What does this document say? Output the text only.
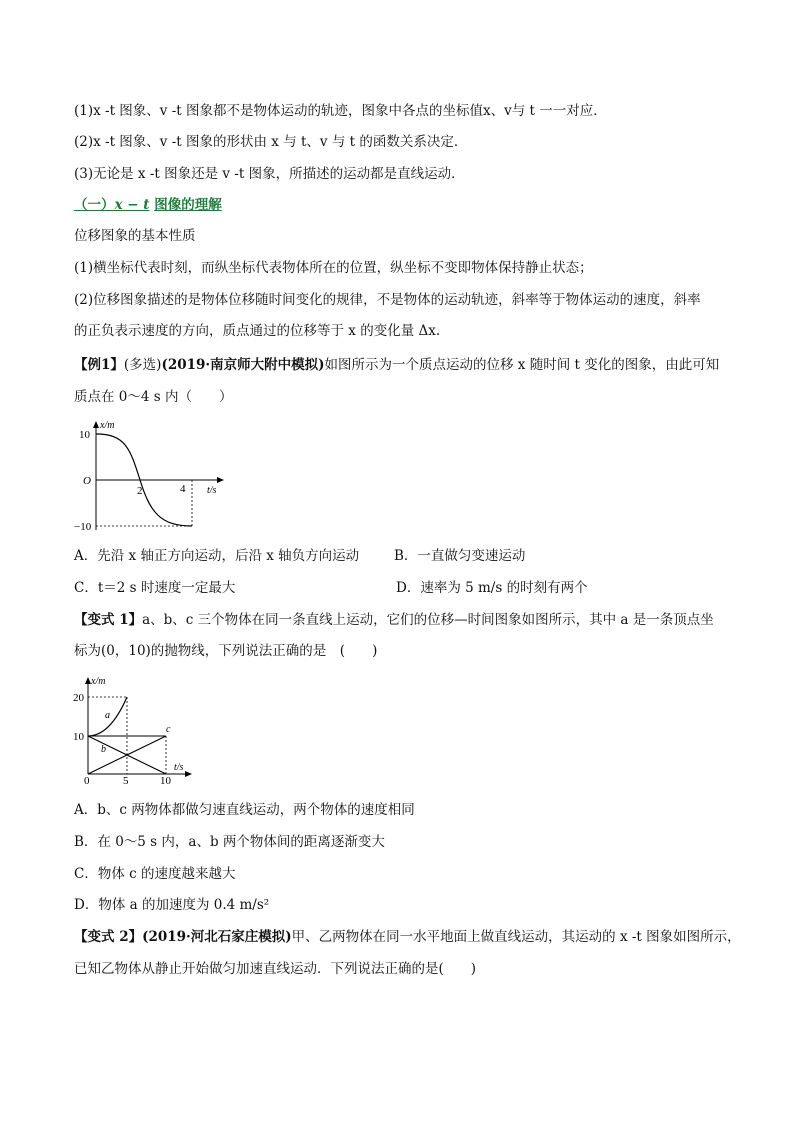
(1)x -t 图象、v -t 图象都不是物体运动的轨迹，图象中各点的坐标值x、v与 t 一一对应．
(2)x -t 图象、v -t 图象的形状由 x 与 t、v 与 t 的函数关系决定．
(3)无论是 x -t 图象还是 v -t 图象，所描述的运动都是直线运动．
（一）x − t 图像的理解
位移图象的基本性质
(1)横坐标代表时刻，而纵坐标代表物体所在的位置，纵坐标不变即物体保持静止状态；
(2)位移图象描述的是物体位移随时间变化的规律，不是物体的运动轨迹，斜率等于物体运动的速度，斜率
的正负表示速度的方向，质点通过的位移等于 x 的变化量 Δx.
【例1】(多选)(2019·南京师大附中模拟)如图所示为一个质点运动的位移 x 随时间 t 变化的图象，由此可知
质点在 0～4 s 内（　　）
x/m
10
O
−10
2	4 t/s
A．先沿 x 轴正方向运动，后沿 x 轴负方向运动	B．一直做匀变速运动
C．t＝2 s 时速度一定最大	D．速率为 5 m/s 的时刻有两个
【变式 1】a、b、c 三个物体在同一条直线上运动，它们的位移—时间图象如图所示，其中 a 是一条顶点坐
标为(0，10)的抛物线，下列说法正确的是　(　　)
x/m
20
10
0	5	10
t/s
a
b
c
A．b、c 两物体都做匀速直线运动，两个物体的速度相同
B．在 0～5 s 内，a、b 两个物体间的距离逐渐变大
C．物体 c 的速度越来越大
D．物体 a 的加速度为 0.4 m/s²
【变式 2】(2019·河北石家庄模拟)甲、乙两物体在同一水平地面上做直线运动，其运动的 x -t 图象如图所示，
已知乙物体从静止开始做匀加速直线运动．下列说法正确的是(　　)
